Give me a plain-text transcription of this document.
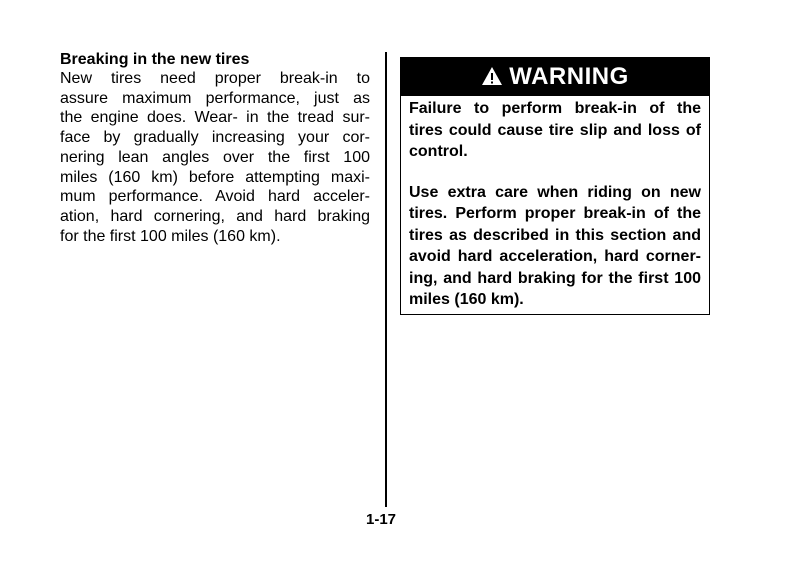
Breaking in the new tires

New tires need proper break-in to
assure maximum performance, just as
the engine does. Wear- in the tread sur-
face by gradually increasing your cor-
nering lean angles over the first 100
miles (160 km) before attempting maxi-
mum performance. Avoid hard acceler-
ation, hard cornering, and hard braking
for the first 100 miles (160 km).

WARNING

Failure to perform break-in of the
tires could cause tire slip and loss of
control.

Use extra care when riding on new
tires. Perform proper break-in of the
tires as described in this section and
avoid hard acceleration, hard corner-
ing, and hard braking for the first 100
miles (160 km).

1-17
